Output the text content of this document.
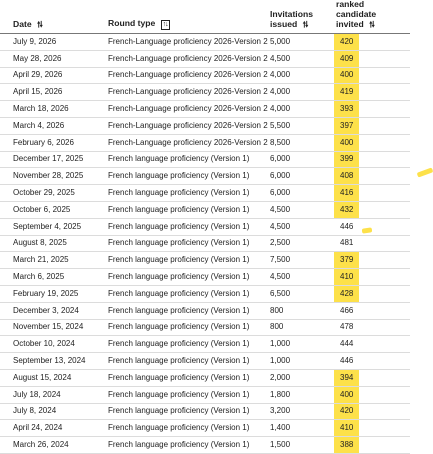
Date 🠕🠗	Round type ↑↓	Invitations issued 🠕🠗	ranked candidate invited 🠕🠗
July 9, 2026	French-Language proficiency 2026-Version 2	5,000	420

May 28, 2026	French-Language proficiency 2026-Version 2	4,500	409

April 29, 2026	French-Language proficiency 2026-Version 2	4,000	400

April 15, 2026	French-Language proficiency 2026-Version 2	4,000	419

March 18, 2026	French-Language proficiency 2026-Version 2	4,000	393

March 4, 2026	French-Language proficiency 2026-Version 2	5,500	397

February 6, 2026	French-Language proficiency 2026-Version 2	8,500	400

December 17, 2025	French language proficiency (Version 1)	6,000	399

November 28, 2025	French language proficiency (Version 1)	6,000	408

October 29, 2025	French language proficiency (Version 1)	6,000	416

October 6, 2025	French language proficiency (Version 1)	4,500	432

September 4, 2025	French language proficiency (Version 1)	4,500	446

August 8, 2025	French language proficiency (Version 1)	2,500	481

March 21, 2025	French language proficiency (Version 1)	7,500	379

March 6, 2025	French language proficiency (Version 1)	4,500	410

February 19, 2025	French language proficiency (Version 1)	6,500	428

December 3, 2024	French language proficiency (Version 1)	800	466

November 15, 2024	French language proficiency (Version 1)	800	478

October 10, 2024	French language proficiency (Version 1)	1,000	444

September 13, 2024	French language proficiency (Version 1)	1,000	446

August 15, 2024	French language proficiency (Version 1)	2,000	394

July 18, 2024	French language proficiency (Version 1)	1,800	400

July 8, 2024	French language proficiency (Version 1)	3,200	420

April 24, 2024	French language proficiency (Version 1)	1,400	410

March 26, 2024	French language proficiency (Version 1)	1,500	388
